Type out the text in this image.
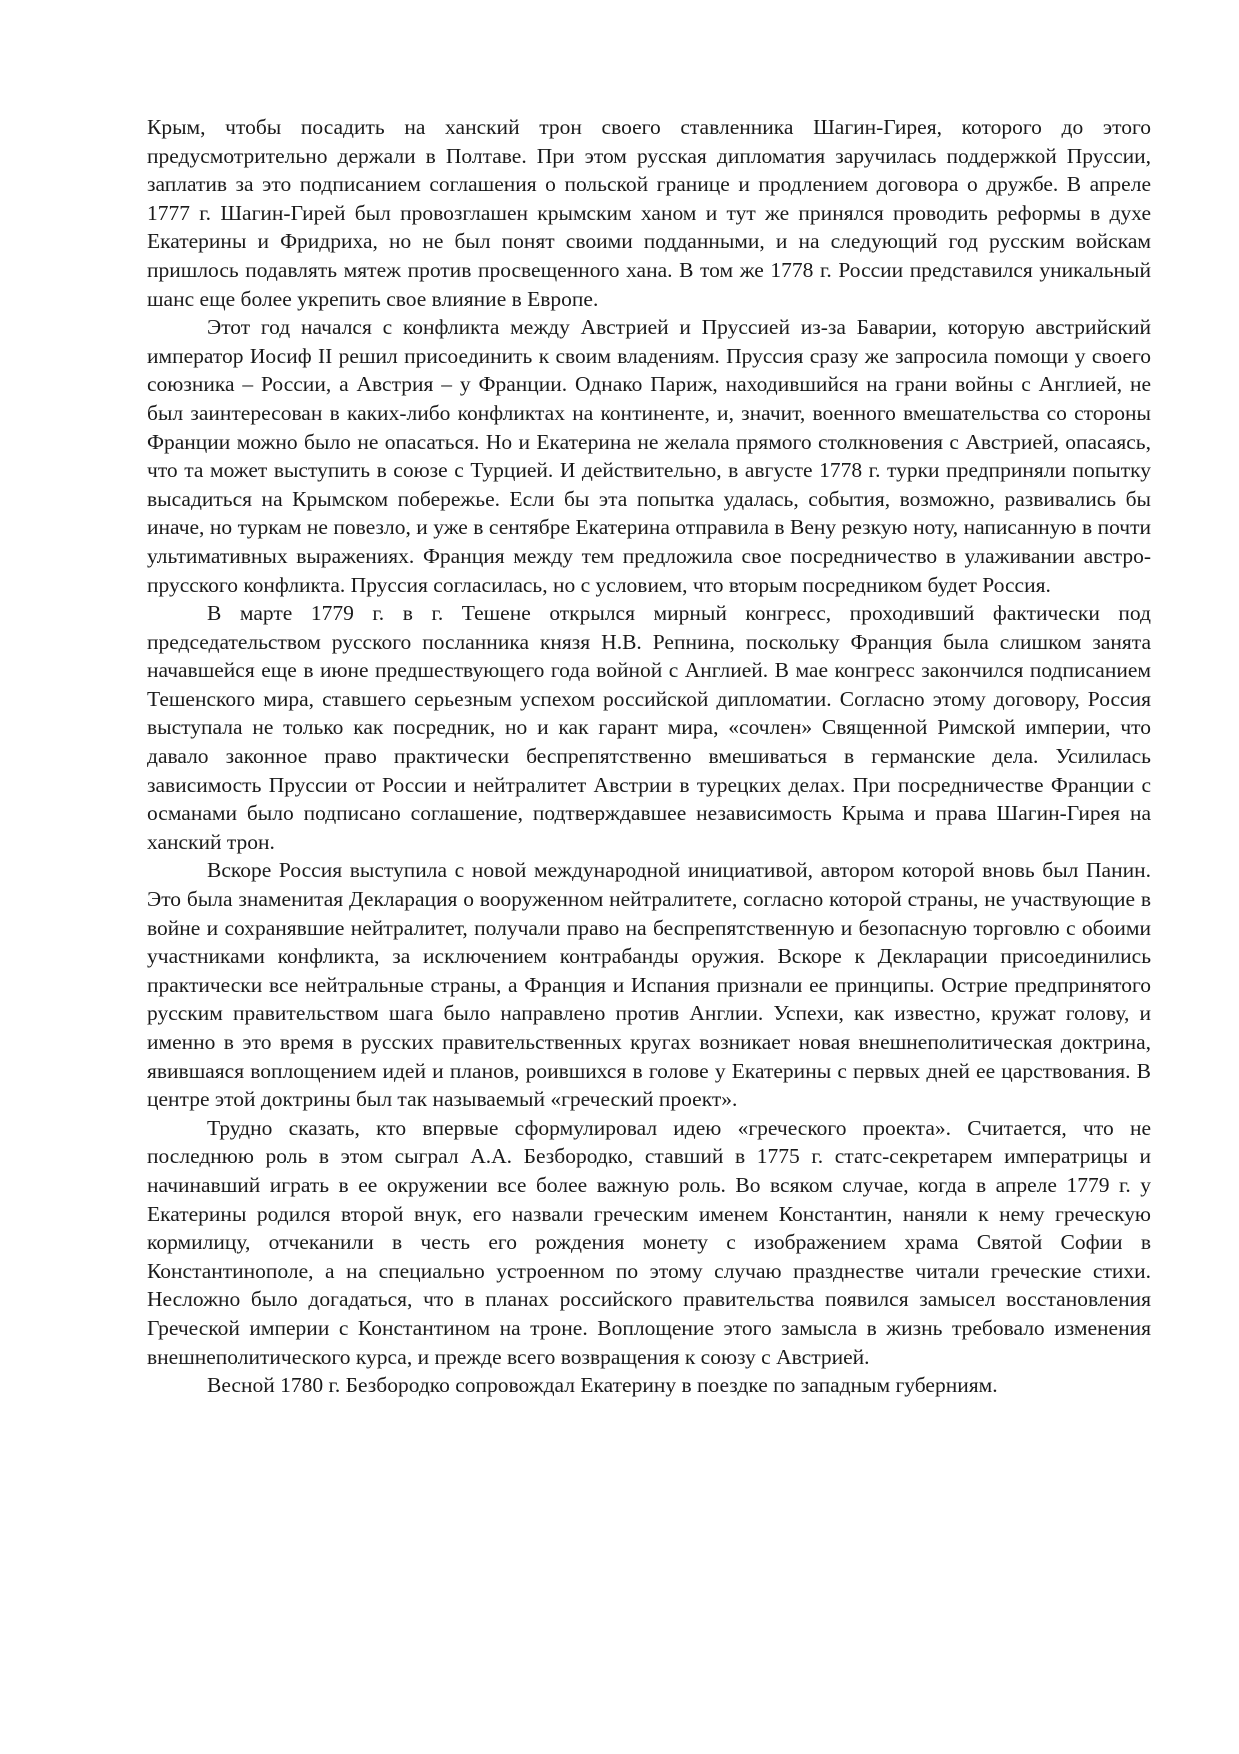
Крым, чтобы посадить на ханский трон своего ставленника Шагин-Гирея, которого до этого предусмотрительно держали в Полтаве. При этом русская дипломатия заручилась поддержкой Пруссии, заплатив за это подписанием соглашения о польской границе и продлением договора о дружбе. В апреле 1777 г. Шагин-Гирей был провозглашен крымским ханом и тут же принялся проводить реформы в духе Екатерины и Фридриха, но не был понят своими подданными, и на следующий год русским войскам пришлось подавлять мятеж против просвещенного хана. В том же 1778 г. России представился уникальный шанс еще более укрепить свое влияние в Европе.

Этот год начался с конфликта между Австрией и Пруссией из-за Баварии, которую австрийский император Иосиф II решил присоединить к своим владениям. Пруссия сразу же запросила помощи у своего союзника – России, а Австрия – у Франции. Однако Париж, находившийся на грани войны с Англией, не был заинтересован в каких-либо конфликтах на континенте, и, значит, военного вмешательства со стороны Франции можно было не опасаться. Но и Екатерина не желала прямого столкновения с Австрией, опасаясь, что та может выступить в союзе с Турцией. И действительно, в августе 1778 г. турки предприняли попытку высадиться на Крымском побережье. Если бы эта попытка удалась, события, возможно, развивались бы иначе, но туркам не повезло, и уже в сентябре Екатерина отправила в Вену резкую ноту, написанную в почти ультимативных выражениях. Франция между тем предложила свое посредничество в улаживании австро-прусского конфликта. Пруссия согласилась, но с условием, что вторым посредником будет Россия.

В марте 1779 г. в г. Тешене открылся мирный конгресс, проходивший фактически под председательством русского посланника князя Н.В. Репнина, поскольку Франция была слишком занята начавшейся еще в июне предшествующего года войной с Англией. В мае конгресс закончился подписанием Тешенского мира, ставшего серьезным успехом российской дипломатии. Согласно этому договору, Россия выступала не только как посредник, но и как гарант мира, «сочлен» Священной Римской империи, что давало законное право практически беспрепятственно вмешиваться в германские дела. Усилилась зависимость Пруссии от России и нейтралитет Австрии в турецких делах. При посредничестве Франции с османами было подписано соглашение, подтверждавшее независимость Крыма и права Шагин-Гирея на ханский трон.

Вскоре Россия выступила с новой международной инициативой, автором которой вновь был Панин. Это была знаменитая Декларация о вооруженном нейтралитете, согласно которой страны, не участвующие в войне и сохранявшие нейтралитет, получали право на беспрепятственную и безопасную торговлю с обоими участниками конфликта, за исключением контрабанды оружия. Вскоре к Декларации присоединились практически все нейтральные страны, а Франция и Испания признали ее принципы. Острие предпринятого русским правительством шага было направлено против Англии. Успехи, как известно, кружат голову, и именно в это время в русских правительственных кругах возникает новая внешнеполитическая доктрина, явившаяся воплощением идей и планов, роившихся в голове у Екатерины с первых дней ее царствования. В центре этой доктрины был так называемый «греческий проект».

Трудно сказать, кто впервые сформулировал идею «греческого проекта». Считается, что не последнюю роль в этом сыграл А.А. Безбородко, ставший в 1775 г. статс-секретарем императрицы и начинавший играть в ее окружении все более важную роль. Во всяком случае, когда в апреле 1779 г. у Екатерины родился второй внук, его назвали греческим именем Константин, наняли к нему греческую кормилицу, отчеканили в честь его рождения монету с изображением храма Святой Софии в Константинополе, а на специально устроенном по этому случаю празднестве читали греческие стихи. Несложно было догадаться, что в планах российского правительства появился замысел восстановления Греческой империи с Константином на троне. Воплощение этого замысла в жизнь требовало изменения внешнеполитического курса, и прежде всего возвращения к союзу с Австрией.

Весной 1780 г. Безбородко сопровождал Екатерину в поездке по западным губерниям.
